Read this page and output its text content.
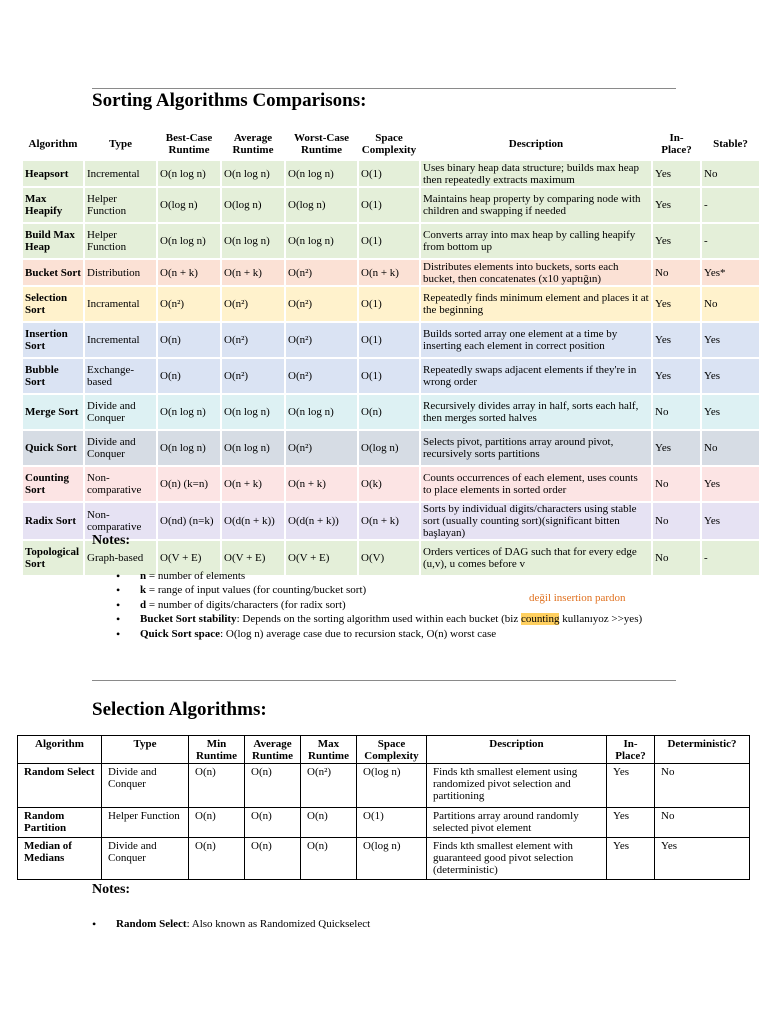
Sorting Algorithms Comparisons:
Algorithm	Type	Best-Case Runtime	Average Runtime	Worst-Case Runtime	Space Complexity	Description	In-Place?	Stable?
Heapsort	Incremental	O(n log n)	O(n log n)	O(n log n)	O(1)	Uses binary heap data structure; builds max heap then repeatedly extracts maximum	Yes	No
Max Heapify	Helper Function	O(log n)	O(log n)	O(log n)	O(1)	Maintains heap property by comparing node with children and swapping if needed	Yes	-
Build Max Heap	Helper Function	O(n log n)	O(n log n)	O(n log n)	O(1)	Converts array into max heap by calling heapify from bottom up	Yes	-
Bucket Sort	Distribution	O(n + k)	O(n + k)	O(n²)	O(n + k)	Distributes elements into buckets, sorts each bucket, then concatenates (x10 yaptığın)	No	Yes*
Selection Sort	Incramental	O(n²)	O(n²)	O(n²)	O(1)	Repeatedly finds minimum element and places it at the beginning	Yes	No
Insertion Sort	Incremental	O(n)	O(n²)	O(n²)	O(1)	Builds sorted array one element at a time by inserting each element in correct position	Yes	Yes
Bubble Sort	Exchange-based	O(n)	O(n²)	O(n²)	O(1)	Repeatedly swaps adjacent elements if they're in wrong order	Yes	Yes
Merge Sort	Divide and Conquer	O(n log n)	O(n log n)	O(n log n)	O(n)	Recursively divides array in half, sorts each half, then merges sorted halves	No	Yes
Quick Sort	Divide and Conquer	O(n log n)	O(n log n)	O(n²)	O(log n)	Selects pivot, partitions array around pivot, recursively sorts partitions	Yes	No
Counting Sort	Non-comparative	O(n) (k=n)	O(n + k)	O(n + k)	O(k)	Counts occurrences of each element, uses counts to place elements in sorted order	No	Yes
Radix Sort	Non-comparative	O(nd) (n=k)	O(d(n + k))	O(d(n + k))	O(n + k)	Sorts by individual digits/characters using stable sort (usually counting sort)(significant bitten başlayan)	No	Yes
Topological Sort	Graph-based	O(V + E)	O(V + E)	O(V + E)	O(V)	Orders vertices of DAG such that for every edge (u,v), u comes before v	No	-

Notes:

• n = number of elements
• k = range of input values (for counting/bucket sort)
• d = number of digits/characters (for radix sort)
• Bucket Sort stability: Depends on the sorting algorithm used within each bucket (biz counting kullanıyoz >>yes)
• Quick Sort space: O(log n) average case due to recursion stack, O(n) worst case
değil insertion pardon
Selection Algorithms:
Algorithm	Type	Min Runtime	Average Runtime	Max Runtime	Space Complexity	Description	In-Place?	Deterministic?
Random Select	Divide and Conquer	O(n)	O(n)	O(n²)	O(log n)	Finds kth smallest element using randomized pivot selection and partitioning	Yes	No
Random Partition	Helper Function	O(n)	O(n)	O(n)	O(1)	Partitions array around randomly selected pivot element	Yes	No
Median of Medians	Divide and Conquer	O(n)	O(n)	O(n)	O(log n)	Finds kth smallest element with guaranteed good pivot selection (deterministic)	Yes	Yes

Notes:

• Random Select: Also known as Randomized Quickselect
